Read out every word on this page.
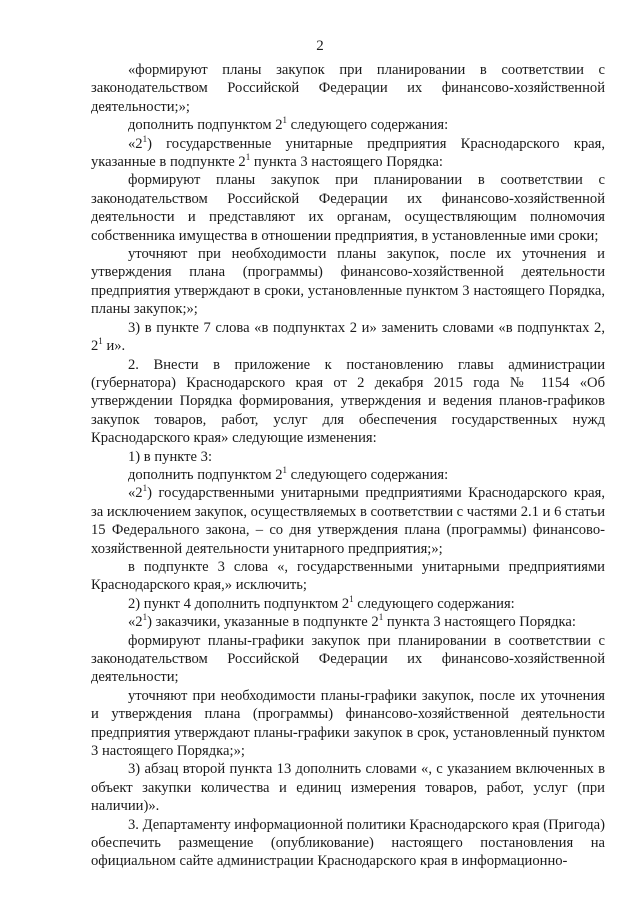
2

«формируют планы закупок при планировании в соответствии с законодательством Российской Федерации их финансово-хозяйственной деятельности;»;

дополнить подпунктом $2^1$ следующего содержания:

«$2^1$) государственные унитарные предприятия Краснодарского края, указанные в подпункте $2^1$ пункта 3 настоящего Порядка:

формируют планы закупок при планировании в соответствии с законодательством Российской Федерации их финансово-хозяйственной деятельности и представляют их органам, осуществляющим полномочия собственника имущества в отношении предприятия, в установленные ими сроки;

уточняют при необходимости планы закупок, после их уточнения и утверждения плана (программы) финансово-хозяйственной деятельности предприятия утверждают в сроки, установленные пунктом 3 настоящего Порядка, планы закупок;»;

3) в пункте 7 слова «в подпунктах 2 и» заменить словами «в подпунктах 2, $2^1$ и».

2. Внести в приложение к постановлению главы администрации (губернатора) Краснодарского края от 2 декабря 2015 года № 1154 «Об утверждении Порядка формирования, утверждения и ведения планов-графиков закупок товаров, работ, услуг для обеспечения государственных нужд Краснодарского края» следующие изменения:

1) в пункте 3:

дополнить подпунктом $2^1$ следующего содержания:

«$2^1$) государственными унитарными предприятиями Краснодарского края, за исключением закупок, осуществляемых в соответствии с частями 2.1 и 6 статьи 15 Федерального закона, – со дня утверждения плана (программы) финансово-хозяйственной деятельности унитарного предприятия;»;

в подпункте 3 слова «, государственными унитарными предприятиями Краснодарского края,» исключить;

2) пункт 4 дополнить подпунктом $2^1$ следующего содержания:

«$2^1$) заказчики, указанные в подпункте $2^1$ пункта 3 настоящего Порядка:

формируют планы-графики закупок при планировании в соответствии с законодательством Российской Федерации их финансово-хозяйственной деятельности;

уточняют при необходимости планы-графики закупок, после их уточнения и утверждения плана (программы) финансово-хозяйственной деятельности предприятия утверждают планы-графики закупок в срок, установленный пунктом 3 настоящего Порядка;»;

3) абзац второй пункта 13 дополнить словами «, с указанием включенных в объект закупки количества и единиц измерения товаров, работ, услуг (при наличии)».

3. Департаменту информационной политики Краснодарского края (Пригода) обеспечить размещение (опубликование) настоящего постановления на официальном сайте администрации Краснодарского края в информационно-
